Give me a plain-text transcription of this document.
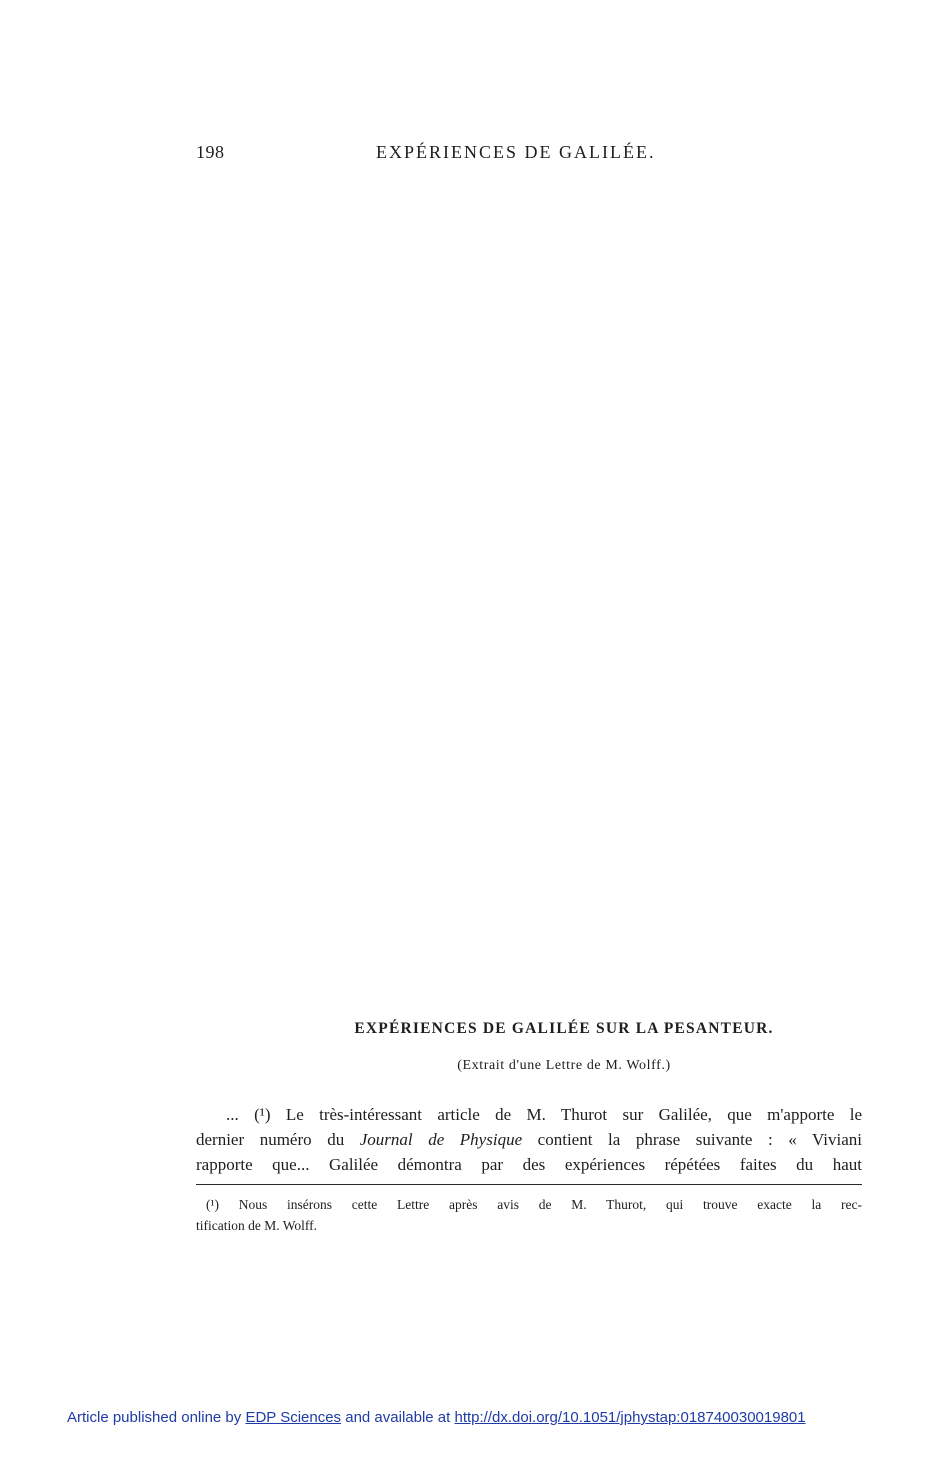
198	EXPÉRIENCES DE GALILÉE.
EXPÉRIENCES DE GALILÉE SUR LA PESANTEUR.
(Extrait d'une Lettre de M. Wolff.)
... (¹) Le très-intéressant article de M. Thurot sur Galilée, que m'apporte le
dernier numéro du Journal de Physique contient la phrase suivante : « Viviani
rapporte que... Galilée démontra par des expériences répétées faites du haut
(¹) Nous insérons cette Lettre après avis de M. Thurot, qui trouve exacte la rec-
tification de M. Wolff.
Article published online by EDP Sciences and available at http://dx.doi.org/10.1051/jphystap:018740030019801
